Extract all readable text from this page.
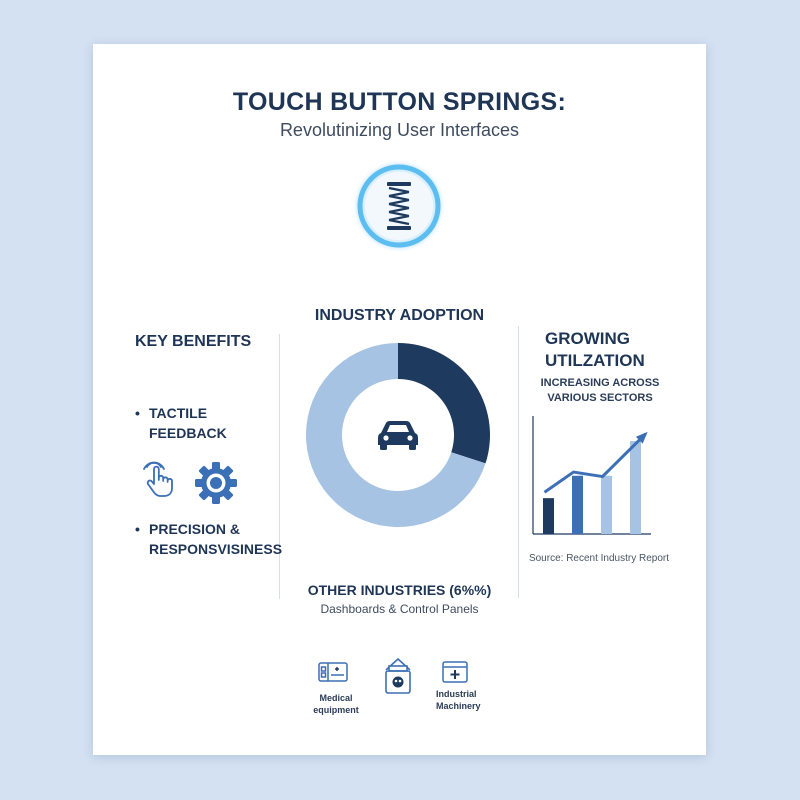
TOUCH BUTTON SPRINGS:
Revolutinizing User Interfaces
KEY BENEFITS
• TACTILE FEEDBACK
• PRECISION & RESPONSVISINESS
INDUSTRY ADOPTION
OTHER INDUSTRIES (6%%)
Dashboards & Control Panels
GROWING
UTILZATION
INCREASING ACROSS
VARIOUS SECTORS
Source: Recent Industry Report
Medical equipment
Industrial Machinery
